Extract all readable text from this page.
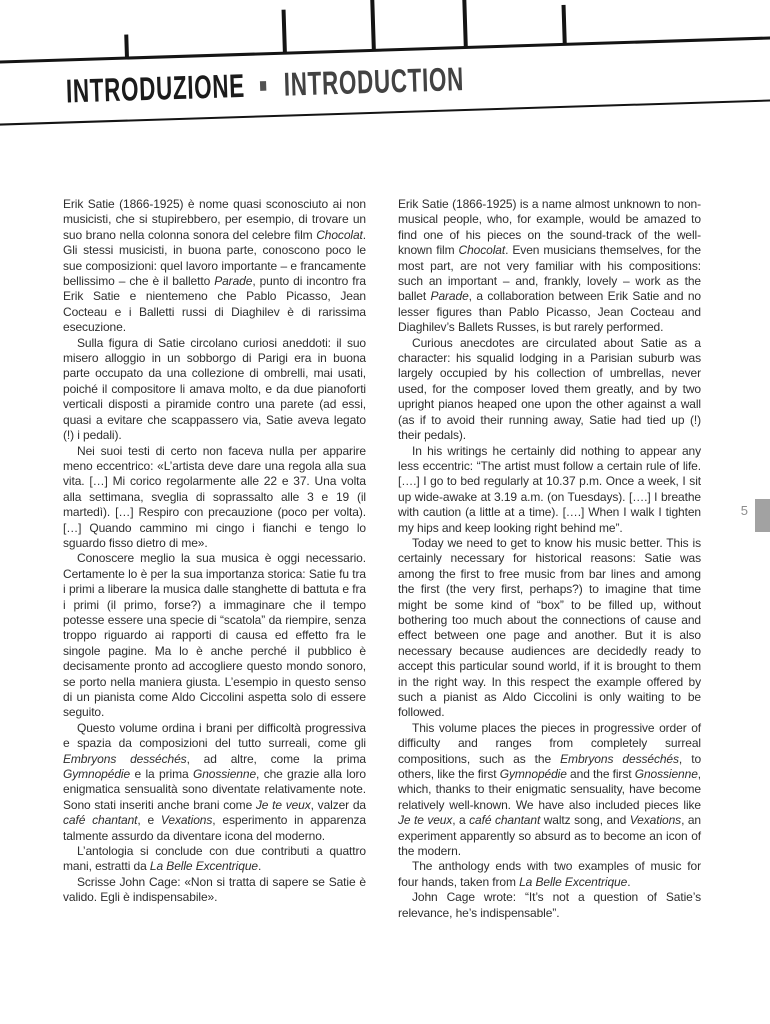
INTRODUZIONE · INTRODUCTION

Erik Satie (1866-1925) è nome quasi sconosciuto ai non musicisti, che si stupirebbero, per esempio, di trovare un suo brano nella colonna sonora del celebre film Chocolat. Gli stessi musicisti, in buona parte, conoscono poco le sue composizioni: quel lavoro importante – e francamente bellissimo – che è il balletto Parade, punto di incontro fra Erik Satie e nientemeno che Pablo Picasso, Jean Cocteau e i Balletti russi di Diaghilev è di rarissima esecuzione.

Sulla figura di Satie circolano curiosi aneddoti: il suo misero alloggio in un sobborgo di Parigi era in buona parte occupato da una collezione di ombrelli, mai usati, poiché il compositore li amava molto, e da due pianoforti verticali disposti a piramide contro una parete (ad essi, quasi a evitare che scappassero via, Satie aveva legato (!) i pedali).

Nei suoi testi di certo non faceva nulla per apparire meno eccentrico: «L’artista deve dare una regola alla sua vita. […] Mi corico regolarmente alle 22 e 37. Una volta alla settimana, sveglia di soprassalto alle 3 e 19 (il martedì). […] Respiro con precauzione (poco per volta). […] Quando cammino mi cingo i fianchi e tengo lo sguardo fisso dietro di me».

Conoscere meglio la sua musica è oggi necessario. Certamente lo è per la sua importanza storica: Satie fu tra i primi a liberare la musica dalle stanghette di battuta e fra i primi (il primo, forse?) a immaginare che il tempo potesse essere una specie di “scatola” da riempire, senza troppo riguardo ai rapporti di causa ed effetto fra le singole pagine. Ma lo è anche perché il pubblico è decisamente pronto ad accogliere questo mondo sonoro, se porto nella maniera giusta. L’esempio in questo senso di un pianista come Aldo Ciccolini aspetta solo di essere seguito.

Questo volume ordina i brani per difficoltà progressiva e spazia da composizioni del tutto surreali, come gli Embryons desséchés, ad altre, come la prima Gymnopédie e la prima Gnossienne, che grazie alla loro enigmatica sensualità sono diventate relativamente note. Sono stati inseriti anche brani come Je te veux, valzer da café chantant, e Vexations, esperimento in apparenza talmente assurdo da diventare icona del moderno.

L’antologia si conclude con due contributi a quattro mani, estratti da La Belle Excentrique.

Scrisse John Cage: «Non si tratta di sapere se Satie è valido. Egli è indispensabile».

Erik Satie (1866-1925) is a name almost unknown to non-musical people, who, for example, would be amazed to find one of his pieces on the sound-track of the well-known film Chocolat. Even musicians themselves, for the most part, are not very familiar with his compositions: such an important – and, frankly, lovely – work as the ballet Parade, a collaboration between Erik Satie and no lesser figures than Pablo Picasso, Jean Cocteau and Diaghilev’s Ballets Russes, is but rarely performed.

Curious anecdotes are circulated about Satie as a character: his squalid lodging in a Parisian suburb was largely occupied by his collection of umbrellas, never used, for the composer loved them greatly, and by two upright pianos heaped one upon the other against a wall (as if to avoid their running away, Satie had tied up (!) their pedals).

In his writings he certainly did nothing to appear any less eccentric: “The artist must follow a certain rule of life. [….] I go to bed regularly at 10.37 p.m. Once a week, I sit up wide-awake at 3.19 a.m. (on Tuesdays). [….] I breathe with caution (a little at a time). [….] When I walk I tighten my hips and keep looking right behind me”.

Today we need to get to know his music better. This is certainly necessary for historical reasons: Satie was among the first to free music from bar lines and among the first (the very first, perhaps?) to imagine that time might be some kind of “box” to be filled up, without bothering too much about the connections of cause and effect between one page and another. But it is also necessary because audiences are decidedly ready to accept this particular sound world, if it is brought to them in the right way. In this respect the example offered by such a pianist as Aldo Ciccolini is only waiting to be followed.

This volume places the pieces in progressive order of difficulty and ranges from completely surreal compositions, such as the Embryons desséchés, to others, like the first Gymnopédie and the first Gnossienne, which, thanks to their enigmatic sensuality, have become relatively well-known. We have also included pieces like Je te veux, a café chantant waltz song, and Vexations, an experiment apparently so absurd as to become an icon of the modern.

The anthology ends with two examples of music for four hands, taken from La Belle Excentrique.

John Cage wrote: “It’s not a question of Satie’s relevance, he’s indispensable”.

5
